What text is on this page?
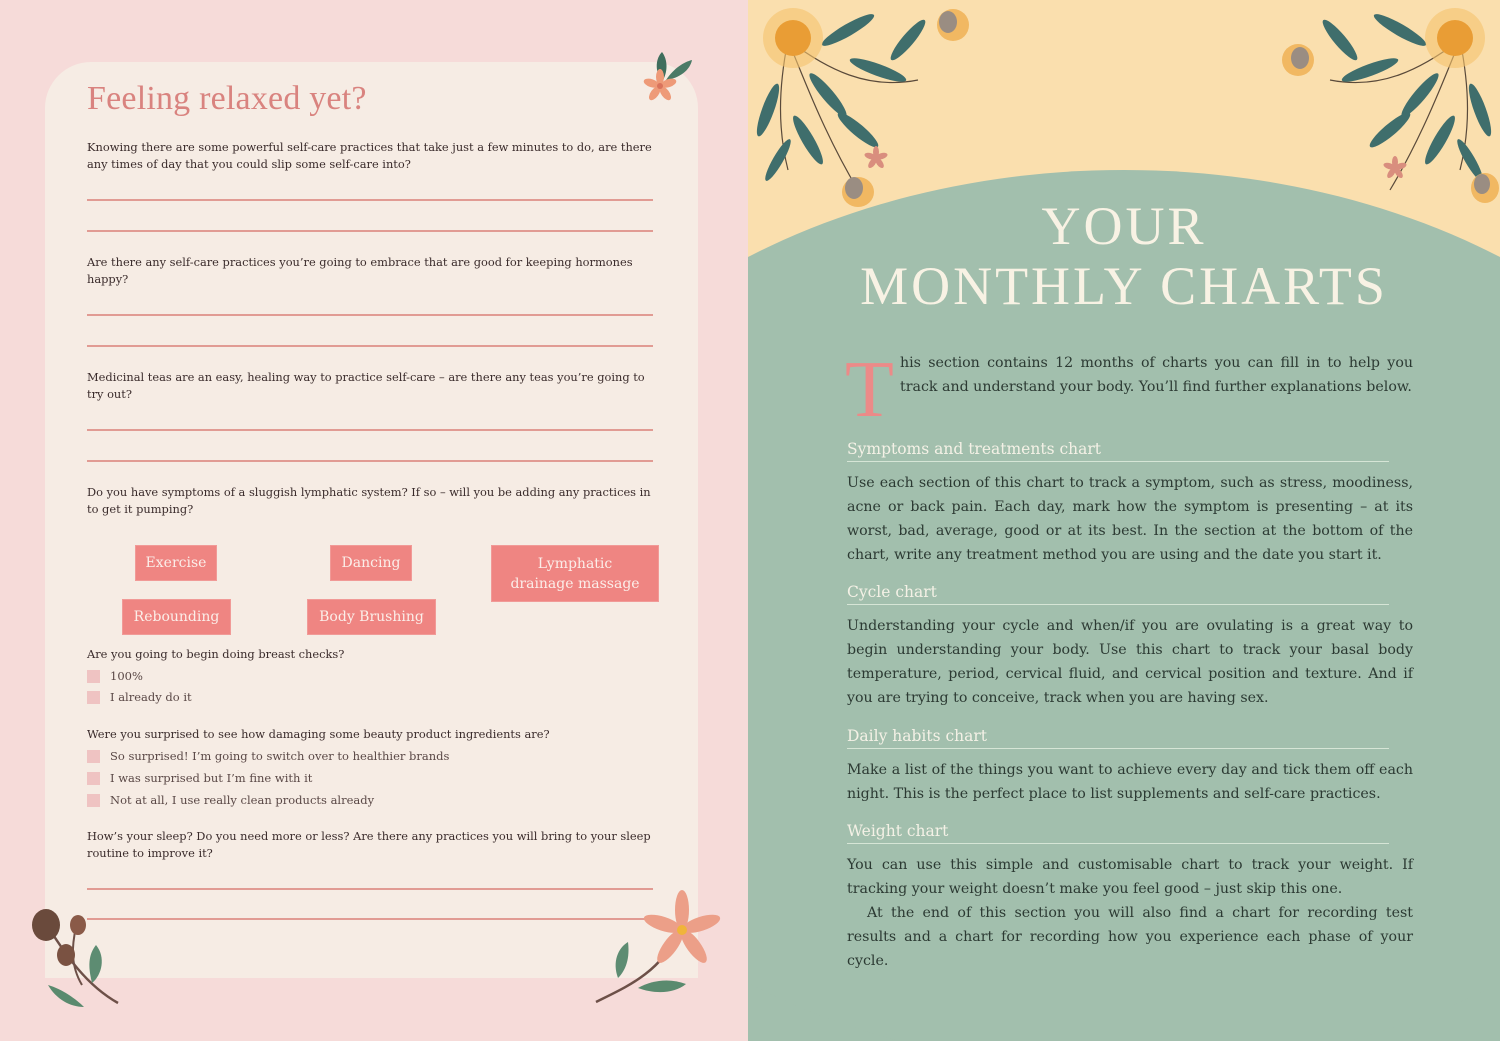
Feeling relaxed yet?
Knowing there are some powerful self-care practices that take just a few minutes to do, are there any times of day that you could slip some self-care into?
Are there any self-care practices you’re going to embrace that are good for keeping hormones happy?
Medicinal teas are an easy, healing way to practice self-care – are there any teas you’re going to try out?
Do you have symptoms of a sluggish lymphatic system? If so – will you be adding any practices in to get it pumping?
Exercise	Dancing	Lymphatic drainage massage
Rebounding	Body Brushing
Are you going to begin doing breast checks?
100%
I already do it
Were you surprised to see how damaging some beauty product ingredients are?
So surprised! I’m going to switch over to healthier brands
I was surprised but I’m fine with it
Not at all, I use really clean products already
How’s your sleep? Do you need more or less? Are there any practices you will bring to your sleep routine to improve it?
YOUR
MONTHLY CHARTS
T his section contains 12 months of charts you can fill in to help you track and understand your body. You’ll find further explanations below.
Symptoms and treatments chart
Use each section of this chart to track a symptom, such as stress, moodiness, acne or back pain. Each day, mark how the symptom is presenting – at its worst, bad, average, good or at its best. In the section at the bottom of the chart, write any treatment method you are using and the date you start it.
Cycle chart
Understanding your cycle and when/if you are ovulating is a great way to begin understanding your body. Use this chart to track your basal body temperature, period, cervical fluid, and cervical position and texture. And if you are trying to conceive, track when you are having sex.
Daily habits chart
Make a list of the things you want to achieve every day and tick them off each night. This is the perfect place to list supplements and self-care practices.
Weight chart
You can use this simple and customisable chart to track your weight. If tracking your weight doesn’t make you feel good – just skip this one.
At the end of this section you will also find a chart for recording test results and a chart for recording how you experience each phase of your cycle.
